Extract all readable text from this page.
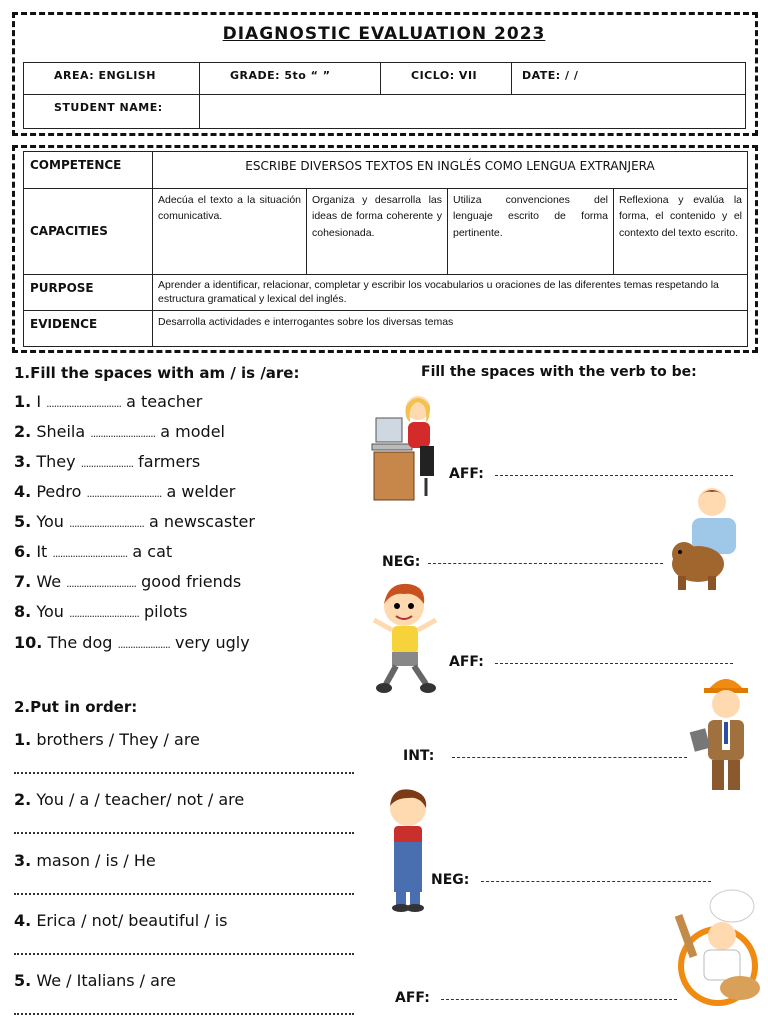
DIAGNOSTIC EVALUATION 2023
AREA: ENGLISH	GRADE: 5to “ ”	CICLO: VII	DATE: / /
STUDENT NAME:			
COMPETENCE	ESCRIBE DIVERSOS TEXTOS EN INGLÉS COMO LENGUA EXTRANJERA			
CAPACITIES	Adecúa el texto a la situación comunicativa.	Organiza y desarrolla las ideas de forma coherente y cohesionada.	Utiliza convenciones del lenguaje escrito de forma pertinente.	Reflexiona y evalúa la forma, el contenido y el contexto del texto escrito.
PURPOSE	Aprender a identificar, relacionar, completar y escribir los vocabularios u oraciones de las diferentes temas respetando la estructura gramatical y lexical del inglés.			
EVIDENCE	Desarrolla actividades e interrogantes sobre los diversas temas			
1.Fill the spaces with am / is /are:
1. I .............................. a teacher
2. Sheila .......................... a model
3. They ..................... farmers
4. Pedro .............................. a welder
5. You .............................. a newscaster
6. It .............................. a cat
7. We ............................ good friends
8. You ............................ pilots
10. The dog ..................... very ugly
2.Put in order:
1. brothers / They / are
2. You / a / teacher/ not / are
3. mason / is / He
4. Erica / not/ beautiful / is
5. We / Italians / are
Fill the spaces with the verb to be:
AFF:
NEG:
AFF:
INT:
NEG:
AFF:
